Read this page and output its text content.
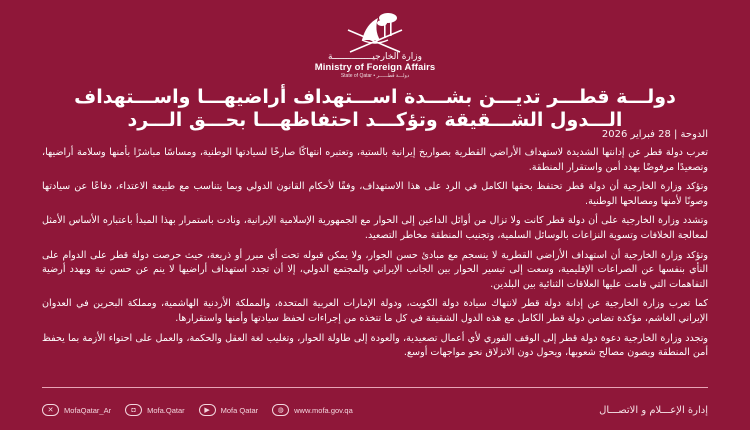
وزارة الخارجيـــــــــــــــة
Ministry of Foreign Affairs
State of Qatar • دولـــة قطــــــر
دولـــة قطـــر تديـــن بشـــدة اســـتهداف أراضيهـــا واســـتهداف
الـــدول الشـــقيقة وتؤكـــد احتفاظهـــا بحـــق الـــرد
الدوحة | 28 فبراير 2026

تعرب دولة قطر عن إدانتها الشديدة لاستهداف الأراضي القطرية بصواريخ إيرانية بالستية، وتعتبره انتهاكًا صارخًا لسيادتها الوطنية، ومساسًا مباشرًا بأمنها وسلامة أراضيها، وتصعيدًا مرفوضًا يهدد أمن واستقرار المنطقة.

وتؤكد وزارة الخارجية أن دولة قطر تحتفظ بحقها الكامل في الرد على هذا الاستهداف، وفقًا لأحكام القانون الدولي وبما يتناسب مع طبيعة الاعتداء، دفاعًا عن سيادتها وصونًا لأمنها ومصالحها الوطنية.

وتشدد وزارة الخارجية على أن دولة قطر كانت ولا تزال من أوائل الداعين إلى الحوار مع الجمهورية الإسلامية الإيرانية، ونادت باستمرار بهذا المبدأ باعتباره الأساس الأمثل لمعالجة الخلافات وتسوية النزاعات بالوسائل السلمية، وتجنيب المنطقة مخاطر التصعيد.

وتؤكد وزارة الخارجية أن استهداف الأراضي القطرية لا ينسجم مع مبادئ حسن الجوار، ولا يمكن قبوله تحت أي مبرر أو ذريعة، حيث حرصت دولة قطر على الدوام على النأي بنفسها عن الصراعات الإقليمية، وسعت إلى تيسير الحوار بين الجانب الإيراني والمجتمع الدولي، إلا أن تجدد استهداف أراضيها لا ينم عن حسن نية ويهدد أرضية التفاهمات التي قامت عليها العلاقات الثنائية بين البلدين.

كما تعرب وزارة الخارجية عن إدانة دولة قطر لانتهاك سيادة دولة الكويت، ودولة الإمارات العربية المتحدة، والمملكة الأردنية الهاشمية، ومملكة البحرين في العدوان الإيراني الغاشم، مؤكدة تضامن دولة قطر الكامل مع هذه الدول الشقيقة في كل ما تتخذه من إجراءات لحفظ سيادتها وأمنها واستقرارها.

وتجدد وزارة الخارجية دعوة دولة قطر إلى الوقف الفوري لأي أعمال تصعيدية، والعودة إلى طاولة الحوار، وتغليب لغة العقل والحكمة، والعمل على احتواء الأزمة بما يحفظ أمن المنطقة ويصون مصالح شعوبها، ويحول دون الانزلاق نحو مواجهات أوسع.

✕	MofaQatar_Ar	◘	Mofa.Qatar	▶	Mofa Qatar	◍	www.mofa.gov.qa	إدارة الإعـــلام و الاتصـــال
